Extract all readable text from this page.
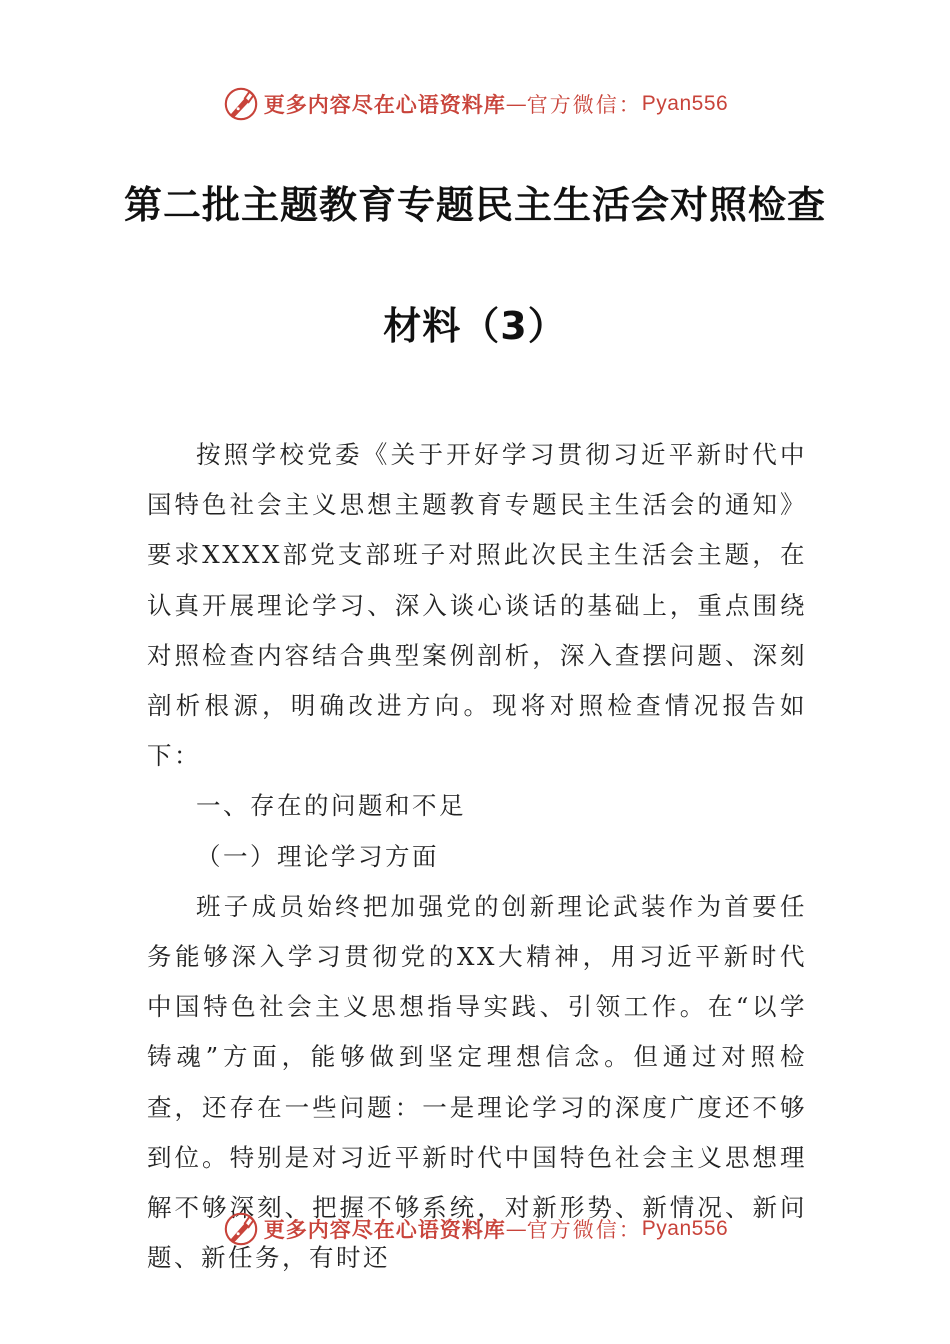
更多内容尽在心语资料库 — 官方微信： Pyan556
第二批主题教育专题民主生活会对照检查
材料（3）

按照学校党委《关于开好学习贯彻习近平新时代中国特色社会主义思想主题教育专题民主生活会的通知》要求XXXX部党支部班子对照此次民主生活会主题，在认真开展理论学习、深入谈心谈话的基础上，重点围绕对照检查内容结合典型案例剖析，深入查摆问题、深刻剖析根源，明确改进方向。现将对照检查情况报告如下：

一、存在的问题和不足

（一）理论学习方面

班子成员始终把加强党的创新理论武装作为首要任务能够深入学习贯彻党的XX大精神，用习近平新时代中国特色社会主义思想指导实践、引领工作。在“以学铸魂”方面，能够做到坚定理想信念。但通过对照检查，还存在一些问题：一是理论学习的深度广度还不够到位。特别是对习近平新时代中国特色社会主义思想理解不够深刻、把握不够系统，对新形势、新情况、新问题、新任务，有时还

更多内容尽在心语资料库 — 官方微信： Pyan556
